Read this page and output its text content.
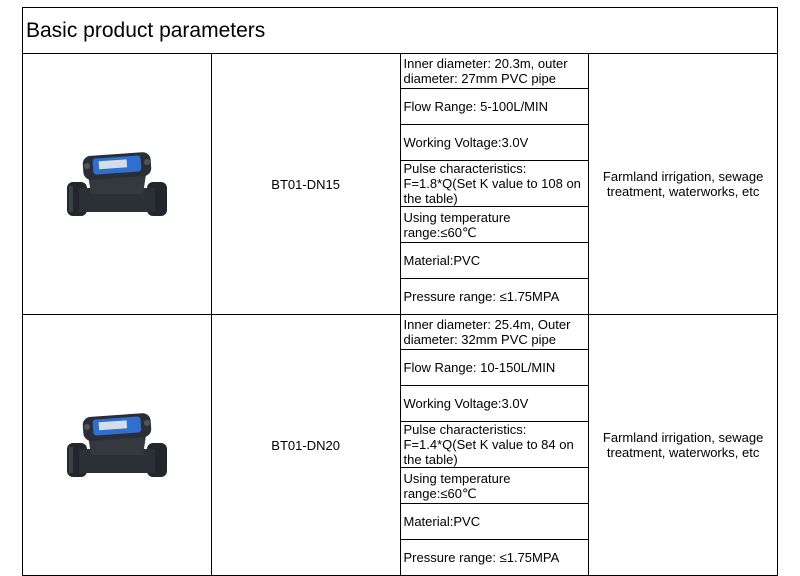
Basic product parameters			

	BT01-DN15	Inner diameter: 20.3m, outer diameter: 27mm PVC pipe	Farmland irrigation, sewage treatment, waterworks, etc
		Flow Range: 5-100L/MIN	
		Working Voltage:3.0V	
		Pulse characteristics: F=1.8*Q(Set K value to 108 on the table)	
		Using temperature range:≤60℃	
		Material:PVC	
		Pressure range: ≤1.75MPA	

	BT01-DN20	Inner diameter: 25.4m, Outer diameter: 32mm PVC pipe	Farmland irrigation, sewage treatment, waterworks, etc
		Flow Range: 10-150L/MIN	
		Working Voltage:3.0V	
		Pulse characteristics: F=1.4*Q(Set K value to 84 on the table)	
		Using temperature range:≤60℃	
		Material:PVC	
		Pressure range: ≤1.75MPA	
